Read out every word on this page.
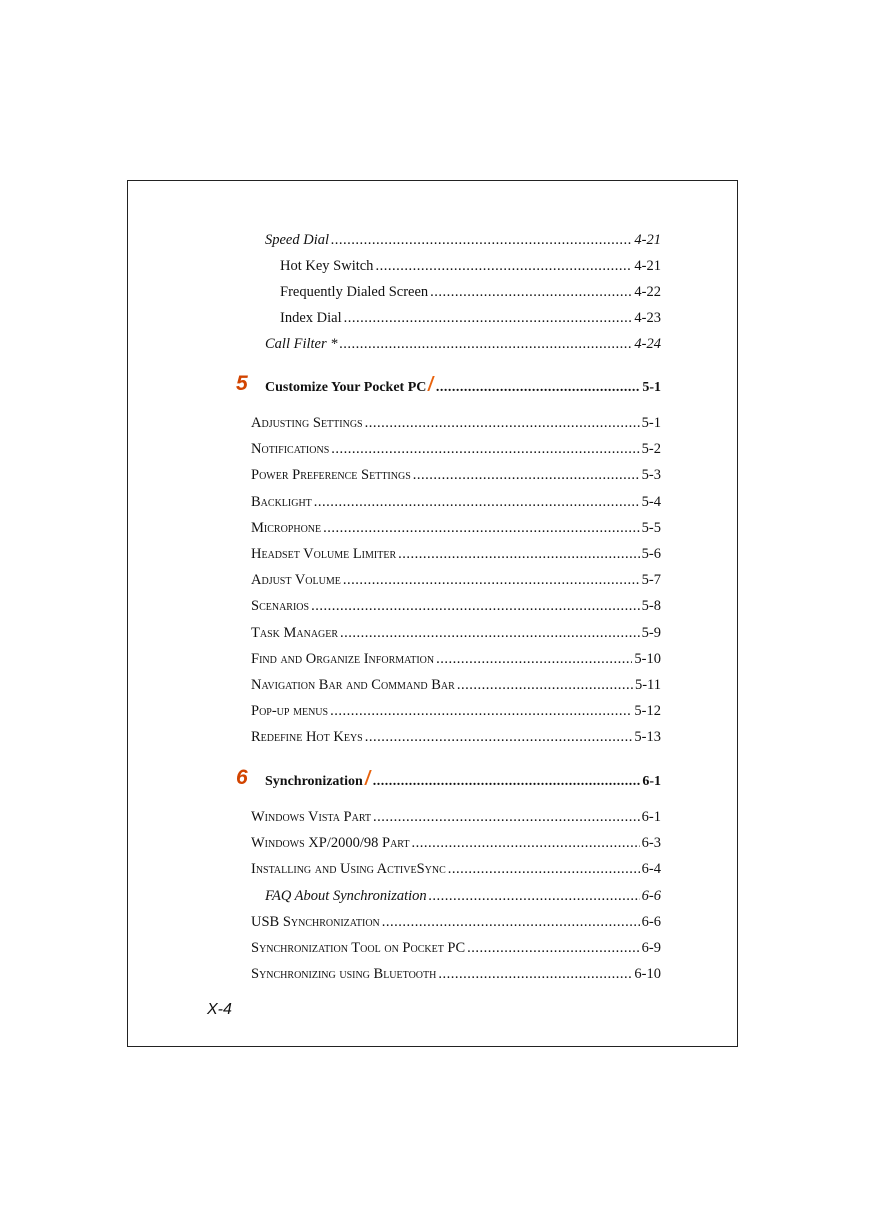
Speed Dial .....	4-21
Hot Key Switch .....	4-21
Frequently Dialed Screen .....	4-22
Index Dial .....	4-23
Call Filter * .....	4-24
5 Customize Your Pocket PC .....	5-1
Adjusting Settings .....	5-1
Notifications .....	5-2
Power Preference Settings .....	5-3
Backlight .....	5-4
Microphone .....	5-5
Headset Volume Limiter .....	5-6
Adjust Volume .....	5-7
Scenarios .....	5-8
Task Manager .....	5-9
Find and Organize Information .....	5-10
Navigation Bar and Command Bar .....	5-11
Pop-up menus .....	5-12
Redefine Hot Keys .....	5-13
6 Synchronization .....	6-1
Windows Vista Part .....	6-1
Windows XP/2000/98 Part .....	6-3
Installing and Using ActiveSync .....	6-4
FAQ About Synchronization .....	6-6
USB Synchronization .....	6-6
Synchronization Tool on Pocket PC .....	6-9
Synchronizing using Bluetooth .....	6-10
X-4
